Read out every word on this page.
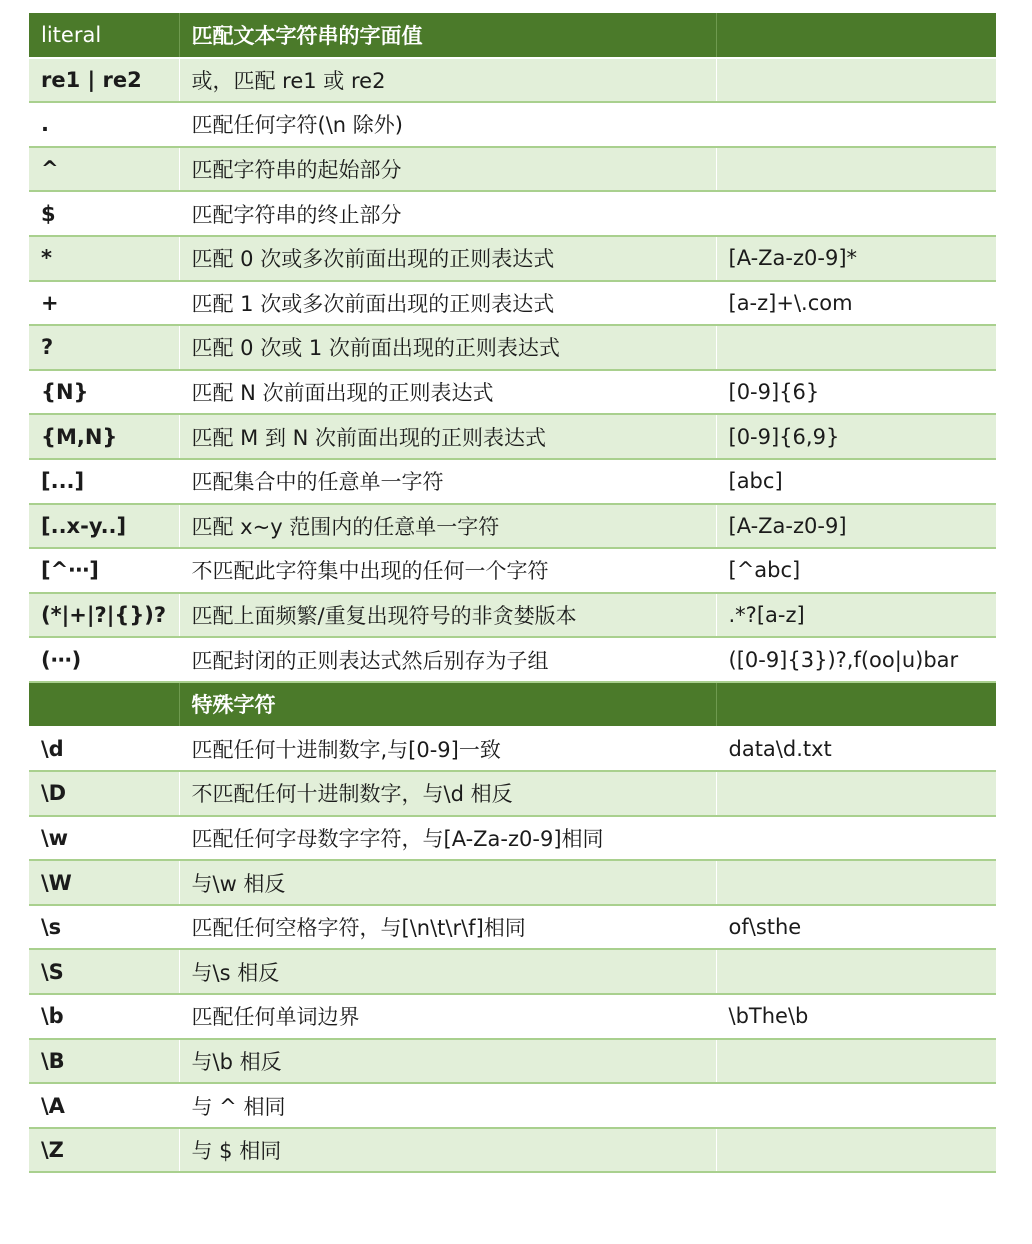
literal	匹配文本字符串的字面值	
re1 | re2	或，匹配 re1 或 re2	
.	匹配任何字符(\n 除外)	
^	匹配字符串的起始部分	
$	匹配字符串的终止部分	
*	匹配 0 次或多次前面出现的正则表达式	[A-Za-z0-9]*
+	匹配 1 次或多次前面出现的正则表达式	[a-z]+\.com
?	匹配 0 次或 1 次前面出现的正则表达式	
{N}	匹配 N 次前面出现的正则表达式	[0-9]{6}
{M,N}	匹配 M 到 N 次前面出现的正则表达式	[0-9]{6,9}
[...]	匹配集合中的任意单一字符	[abc]
[..x-y..]	匹配 x~y 范围内的任意单一字符	[A-Za-z0-9]
[^⋯]	不匹配此字符集中出现的任何一个字符	[^abc]
(*|+|?|{})?	匹配上面频繁/重复出现符号的非贪婪版本	.*?[a-z]
(⋯)	匹配封闭的正则表达式然后别存为子组	([0-9]{3})?,f(oo|u)bar
	特殊字符	
\d	匹配任何十进制数字,与[0-9]一致	data\d.txt
\D	不匹配任何十进制数字，与\d 相反	
\w	匹配任何字母数字字符，与[A-Za-z0-9]相同	
\W	与\w 相反	
\s	匹配任何空格字符，与[\n\t\r\f]相同	of\sthe
\S	与\s 相反	
\b	匹配任何单词边界	\bThe\b
\B	与\b 相反	
\A	与 ^ 相同	
\Z	与 $ 相同	
